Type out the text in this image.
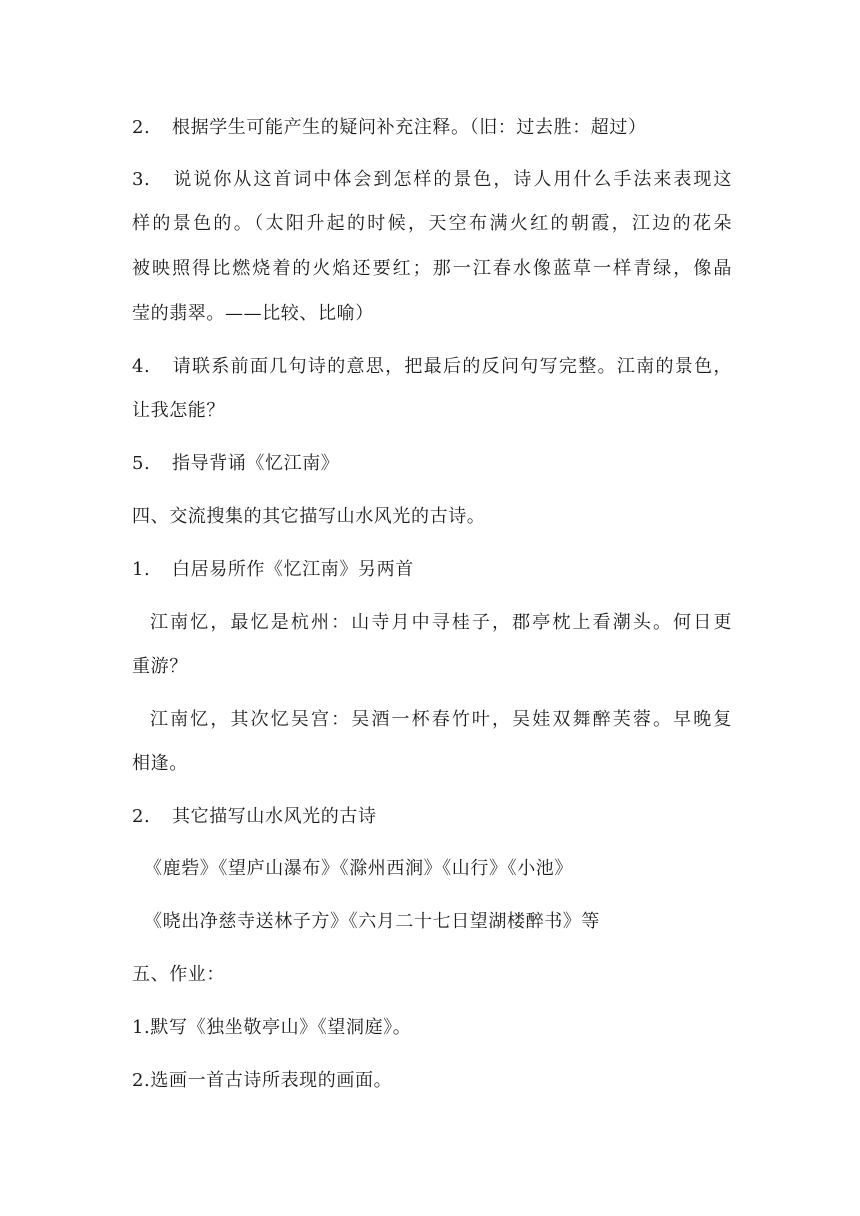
2. 根据学生可能产生的疑问补充注释。（旧：过去胜：超过）
3. 说说你从这首词中体会到怎样的景色，诗人用什么手法来表现这
样的景色的。（太阳升起的时候，天空布满火红的朝霞，江边的花朵
被映照得比燃烧着的火焰还要红；那一江春水像蓝草一样青绿，像晶
莹的翡翠。——比较、比喻）
4. 请联系前面几句诗的意思，把最后的反问句写完整。江南的景色，
让我怎能？
5. 指导背诵《忆江南》
四、交流搜集的其它描写山水风光的古诗。
1. 白居易所作《忆江南》另两首
江南忆，最忆是杭州：山寺月中寻桂子，郡亭枕上看潮头。何日更
重游？
江南忆，其次忆吴宫：吴酒一杯春竹叶，吴娃双舞醉芙蓉。早晚复
相逢。
2. 其它描写山水风光的古诗
《鹿砦》《望庐山瀑布》《滁州西涧》《山行》《小池》
《晓出净慈寺送林子方》《六月二十七日望湖楼醉书》等
五、作业：
1.默写《独坐敬亭山》《望洞庭》。
2.选画一首古诗所表现的画面。
